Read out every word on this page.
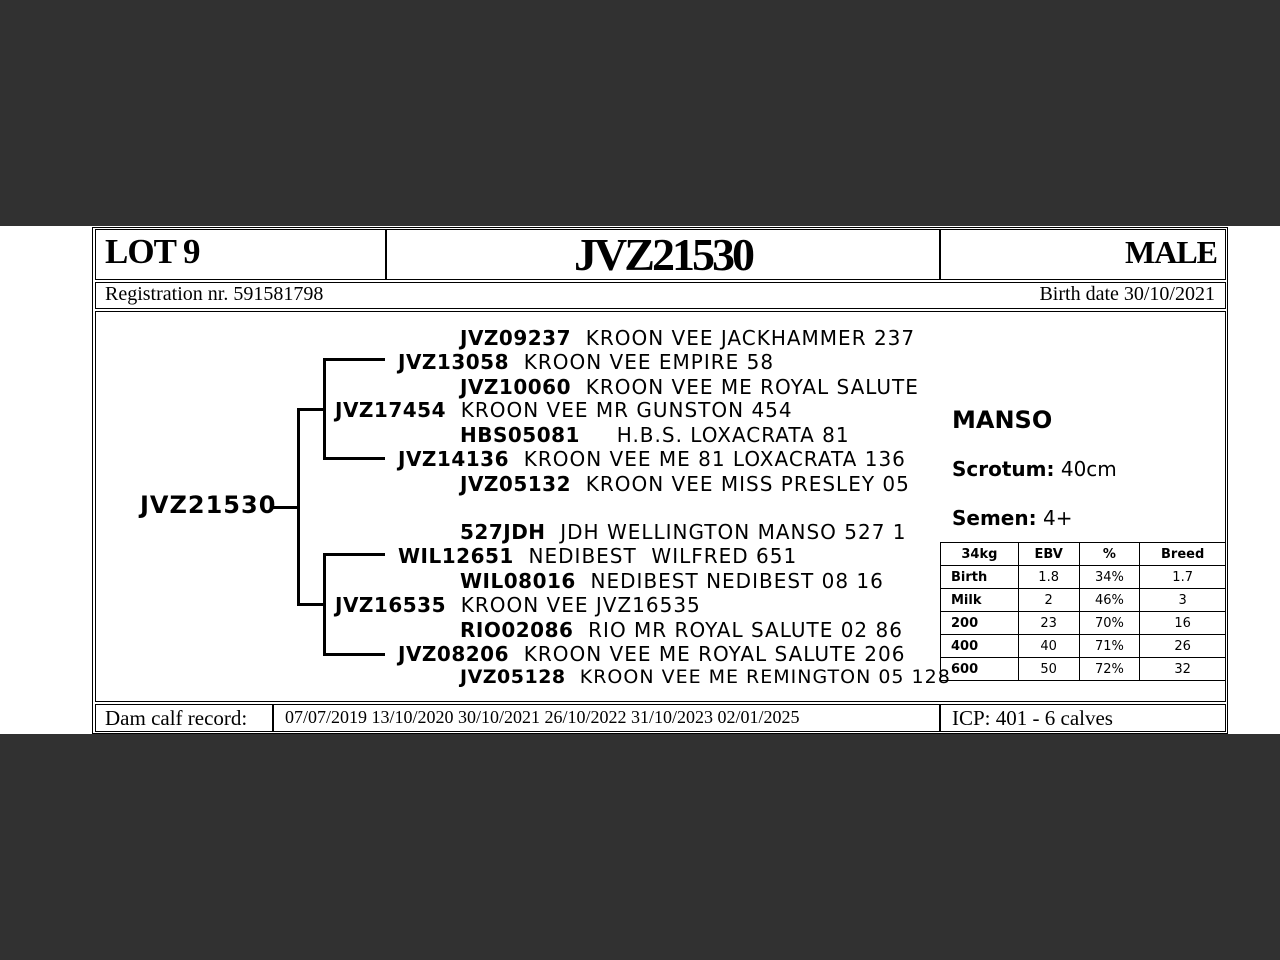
LOT 9	JVZ21530	MALE
Registration nr. 591581798	Birth date 30/10/2021
JVZ21530
JVZ09237 KROON VEE JACKHAMMER 237
JVZ13058 KROON VEE EMPIRE 58
JVZ10060 KROON VEE ME ROYAL SALUTE
JVZ17454 KROON VEE MR GUNSTON 454
HBS05081 H.B.S. LOXACRATA 81
JVZ14136 KROON VEE ME 81 LOXACRATA 136
JVZ05132 KROON VEE MISS PRESLEY 05
527JDH JDH WELLINGTON MANSO 527 1
WIL12651 NEDIBEST  WILFRED 651
WIL08016 NEDIBEST NEDIBEST 08 16
JVZ16535 KROON VEE JVZ16535
RIO02086 RIO MR ROYAL SALUTE 02 86
JVZ08206 KROON VEE ME ROYAL SALUTE 206
JVZ05128 KROON VEE ME REMINGTON 05 128
MANSO
Scrotum: 40cm
Semen: 4+
34kg	EBV	%	Breed
Birth	1.8	34%	1.7
Milk	2	46%	3
200	23	70%	16
400	40	71%	26
600	50	72%	32
Dam calf record: 07/07/2019 13/10/2020 30/10/2021 26/10/2022 31/10/2023 02/01/2025	ICP: 401 - 6 calves
